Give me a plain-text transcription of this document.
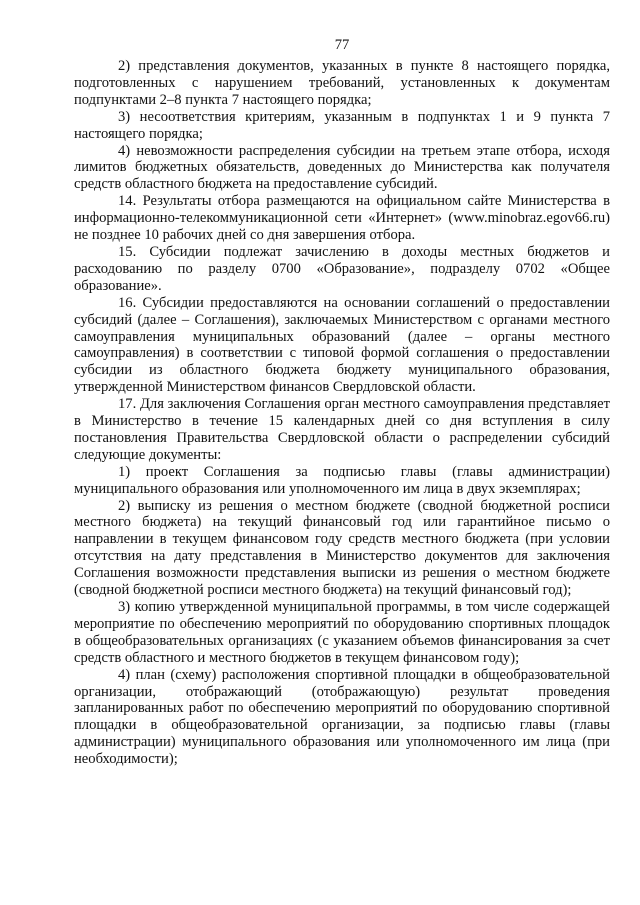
77

2) представления документов, указанных в пункте 8 настоящего порядка, подготовленных с нарушением требований, установленных к документам подпунктами 2–8 пункта 7 настоящего порядка;

3) несоответствия критериям, указанным в подпунктах 1 и 9 пункта 7 настоящего порядка;

4) невозможности распределения субсидии на третьем этапе отбора, исходя лимитов бюджетных обязательств, доведенных до Министерства как получателя средств областного бюджета на предоставление субсидий.

14. Результаты отбора размещаются на официальном сайте Министерства в информационно-телекоммуникационной сети «Интернет» (www.minobraz.egov66.ru) не позднее 10 рабочих дней со дня завершения отбора.

15. Субсидии подлежат зачислению в доходы местных бюджетов и расходованию по разделу 0700 «Образование», подразделу 0702 «Общее образование».

16. Субсидии предоставляются на основании соглашений о предоставлении субсидий (далее – Соглашения), заключаемых Министерством с органами местного самоуправления муниципальных образований (далее – органы местного самоуправления) в соответствии с типовой формой соглашения о предоставлении субсидии из областного бюджета бюджету муниципального образования, утвержденной Министерством финансов Свердловской области.

17. Для заключения Соглашения орган местного самоуправления представляет в Министерство в течение 15 календарных дней со дня вступления в силу постановления Правительства Свердловской области о распределении субсидий следующие документы:

1) проект Соглашения за подписью главы (главы администрации) муниципального образования или уполномоченного им лица в двух экземплярах;

2) выписку из решения о местном бюджете (сводной бюджетной росписи местного бюджета) на текущий финансовый год или гарантийное письмо о направлении в текущем финансовом году средств местного бюджета (при условии отсутствия на дату представления в Министерство документов для заключения Соглашения возможности представления выписки из решения о местном бюджете (сводной бюджетной росписи местного бюджета) на текущий финансовый год);

3) копию утвержденной муниципальной программы, в том числе содержащей мероприятие по обеспечению мероприятий по оборудованию спортивных площадок в общеобразовательных организациях (с указанием объемов финансирования за счет средств областного и местного бюджетов в текущем финансовом году);

4) план (схему) расположения спортивной площадки в общеобразовательной организации, отображающий (отображающую) результат проведения запланированных работ по обеспечению мероприятий по оборудованию спортивной площадки в общеобразовательной организации, за подписью главы (главы администрации) муниципального образования или уполномоченного им лица (при необходимости);
